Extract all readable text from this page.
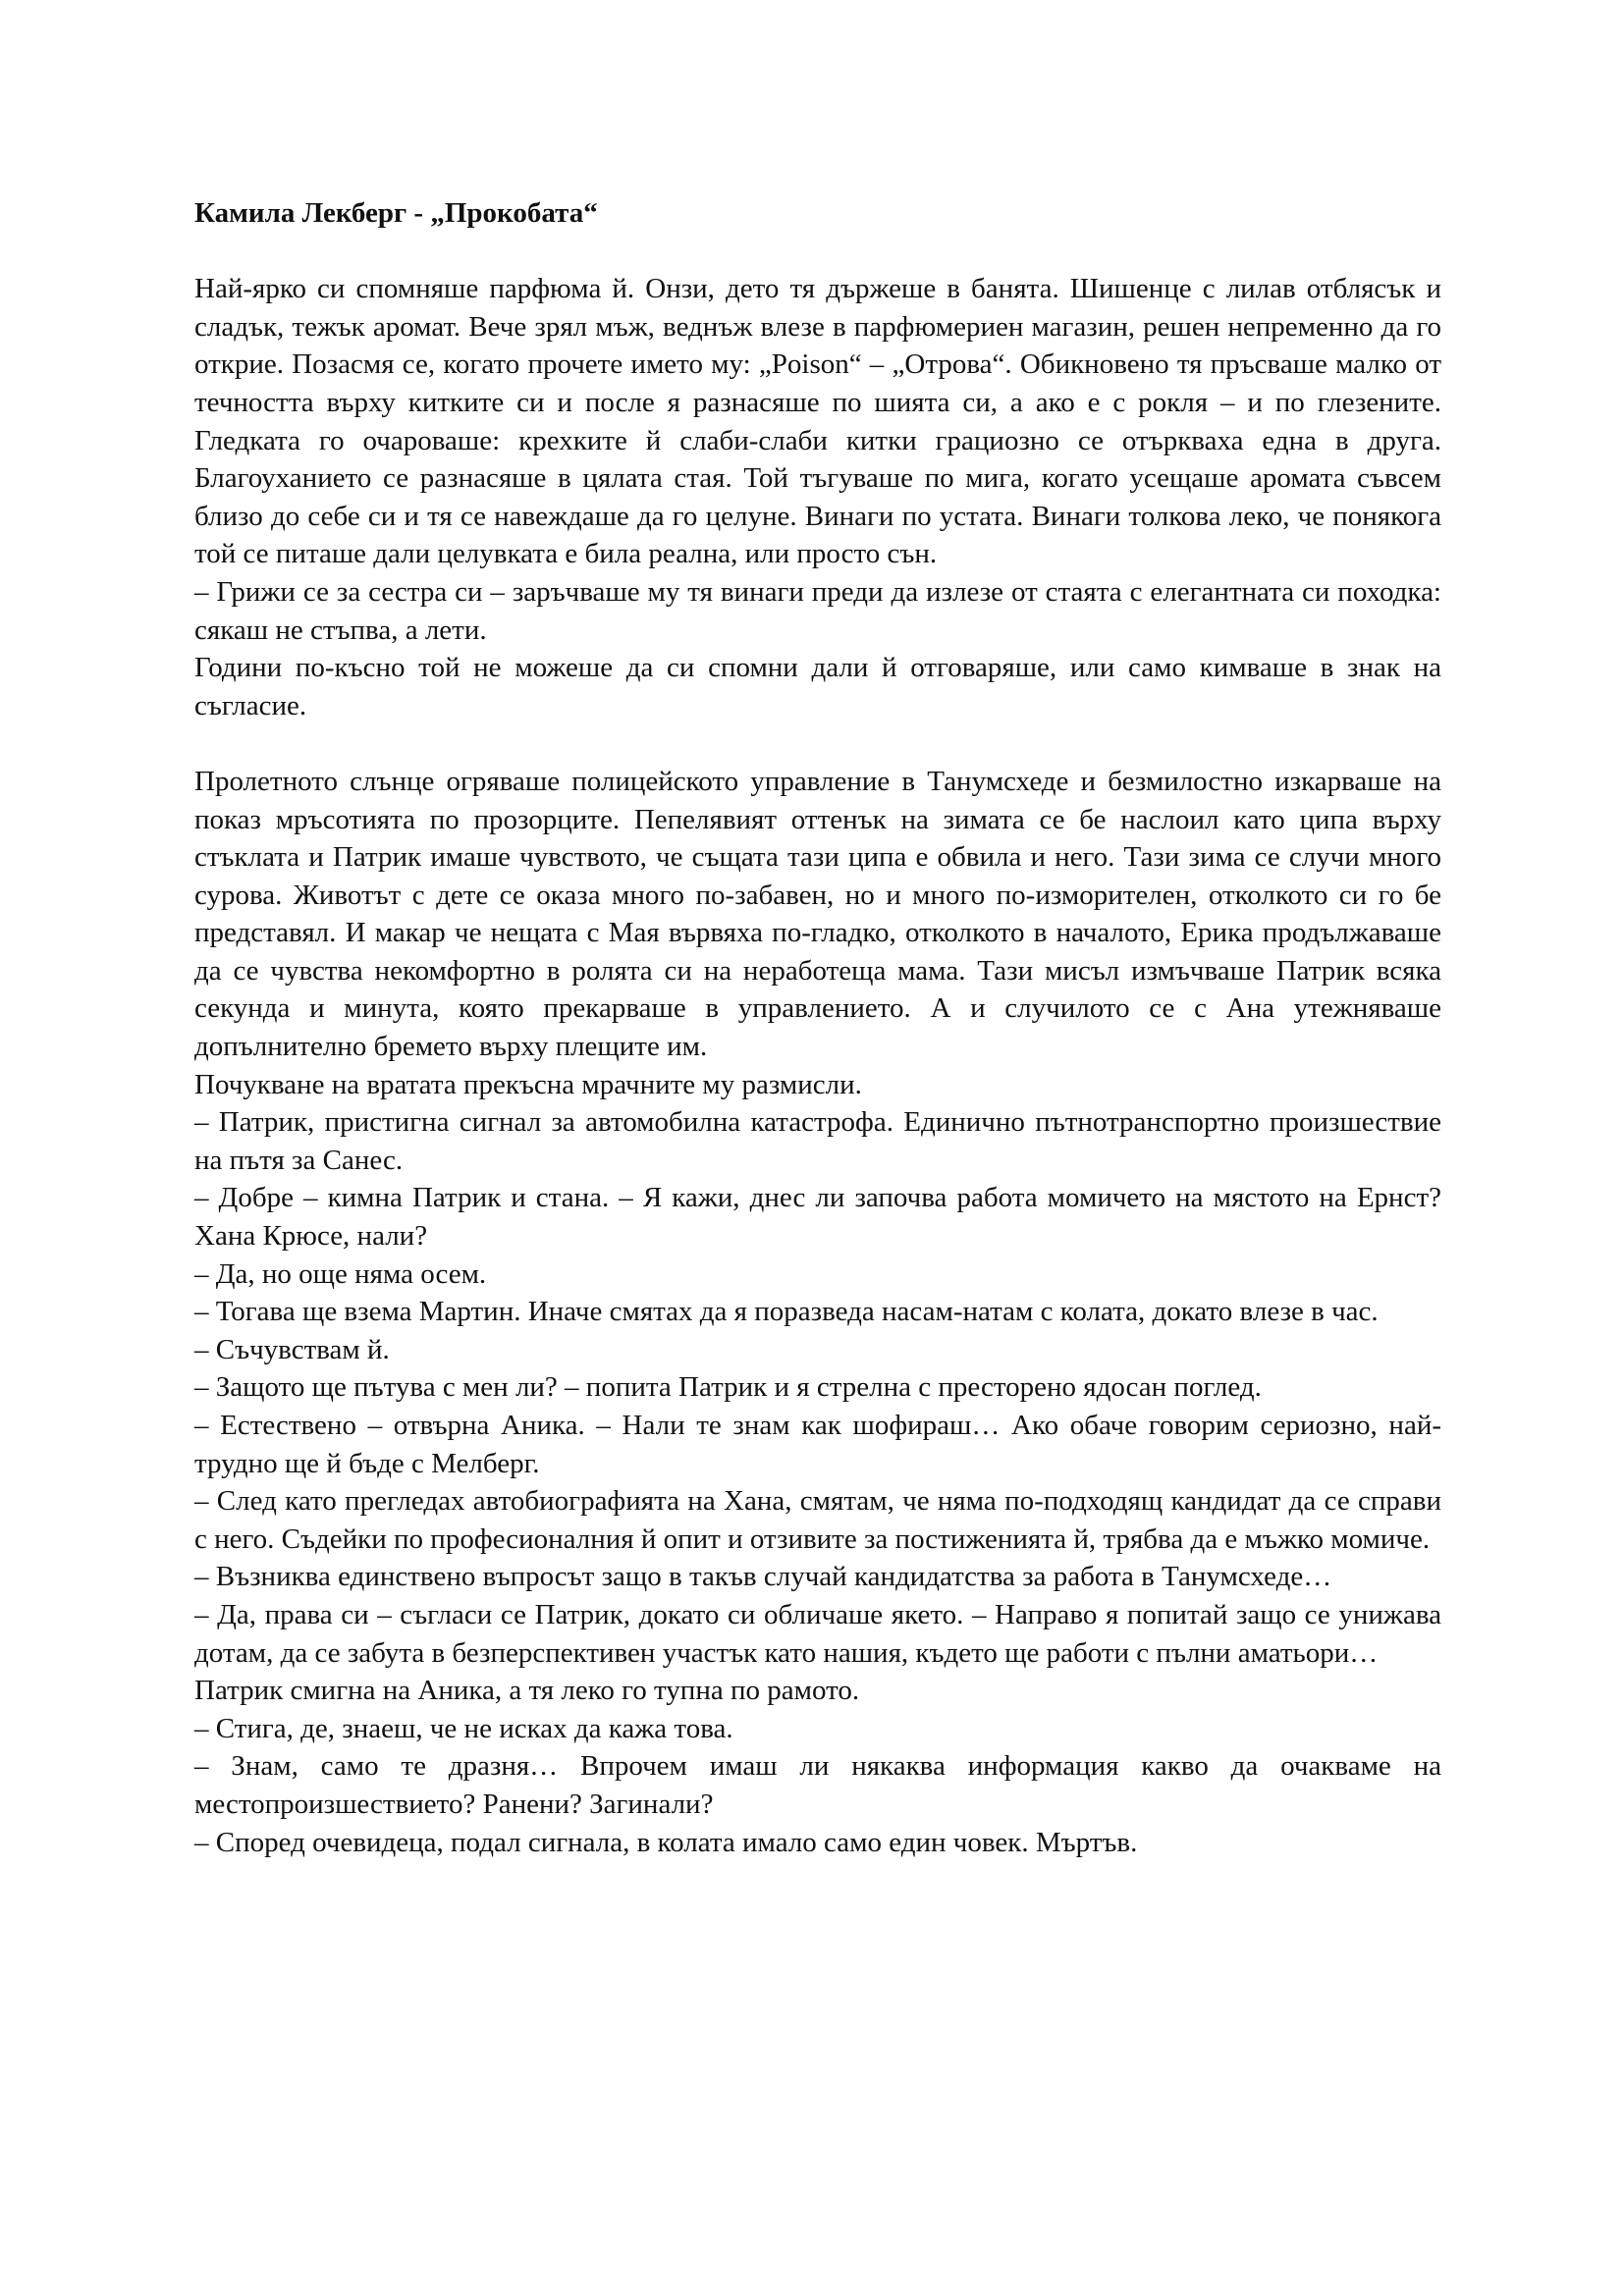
Камила Лекберг - „Прокобата“

Най-ярко си спомняше парфюма й. Онзи, дето тя държеше в банята. Шишенце с лилав отблясък и сладък, тежък аромат. Вече зрял мъж, веднъж влезе в парфюмериен магазин, решен непременно да го открие. Позасмя се, когато прочете името му: „Poison“ – „Отрова“. Обикновено тя пръсваше малко от течността върху китките си и после я разнасяше по шията си, а ако е с рокля – и по глезените. Гледката го очароваше: крехките й слаби-слаби китки грациозно се отъркваха една в друга. Благоуханието се разнасяше в цялата стая. Той тъгуваше по мига, когато усещаше аромата съвсем близо до себе си и тя се навеждаше да го целуне. Винаги по устата. Винаги толкова леко, че понякога той се питаше дали целувката е била реална, или просто сън.

– Грижи се за сестра си – заръчваше му тя винаги преди да излезе от стаята с елегантната си походка: сякаш не стъпва, а лети.

Години по-късно той не можеше да си спомни дали й отговаряше, или само кимваше в знак на съгласие.

Пролетното слънце огряваше полицейското управление в Танумсхеде и безмилостно изкарваше на показ мръсотията по прозорците. Пепелявият оттенък на зимата се бе наслоил като ципа върху стъклата и Патрик имаше чувството, че същата тази ципа е обвила и него. Тази зима се случи много сурова. Животът с дете се оказа много по-забавен, но и много по-изморителен, отколкото си го бе представял. И макар че нещата с Мая вървяха по-гладко, отколкото в началото, Ерика продължаваше да се чувства некомфортно в ролята си на неработеща мама. Тази мисъл измъчваше Патрик всяка секунда и минута, която прекарваше в управлението. А и случилото се с Ана утежняваше допълнително бремето върху плещите им.

Почукване на вратата прекъсна мрачните му размисли.

– Патрик, пристигна сигнал за автомобилна катастрофа. Единично пътнотранспортно произшествие на пътя за Санес.

– Добре – кимна Патрик и стана. – Я кажи, днес ли започва работа момичето на мястото на Ернст? Хана Крюсе, нали?

– Да, но още няма осем.

– Тогава ще взема Мартин. Иначе смятах да я поразведа насам-натам с колата, докато влезе в час.

– Съчувствам й.

– Защото ще пътува с мен ли? – попита Патрик и я стрелна с престорено ядосан поглед.

– Естествено – отвърна Аника. – Нали те знам как шофираш… Ако обаче говорим сериозно, най-трудно ще й бъде с Мелберг.

– След като прегледах автобиографията на Хана, смятам, че няма по-подходящ кандидат да се справи с него. Съдейки по професионалния й опит и отзивите за постиженията й, трябва да е мъжко момиче.

– Възниква единствено въпросът защо в такъв случай кандидатства за работа в Танумсхеде…

– Да, права си – съгласи се Патрик, докато си обличаше якето. – Направо я попитай защо се унижава дотам, да се забута в безперспективен участък като нашия, където ще работи с пълни аматьори…

Патрик смигна на Аника, а тя леко го тупна по рамото.

– Стига, де, знаеш, че не исках да кажа това.

– Знам, само те дразня… Впрочем имаш ли някаква информация какво да очакваме на местопроизшествието? Ранени? Загинали?

– Според очевидеца, подал сигнала, в колата имало само един човек. Мъртъв.
